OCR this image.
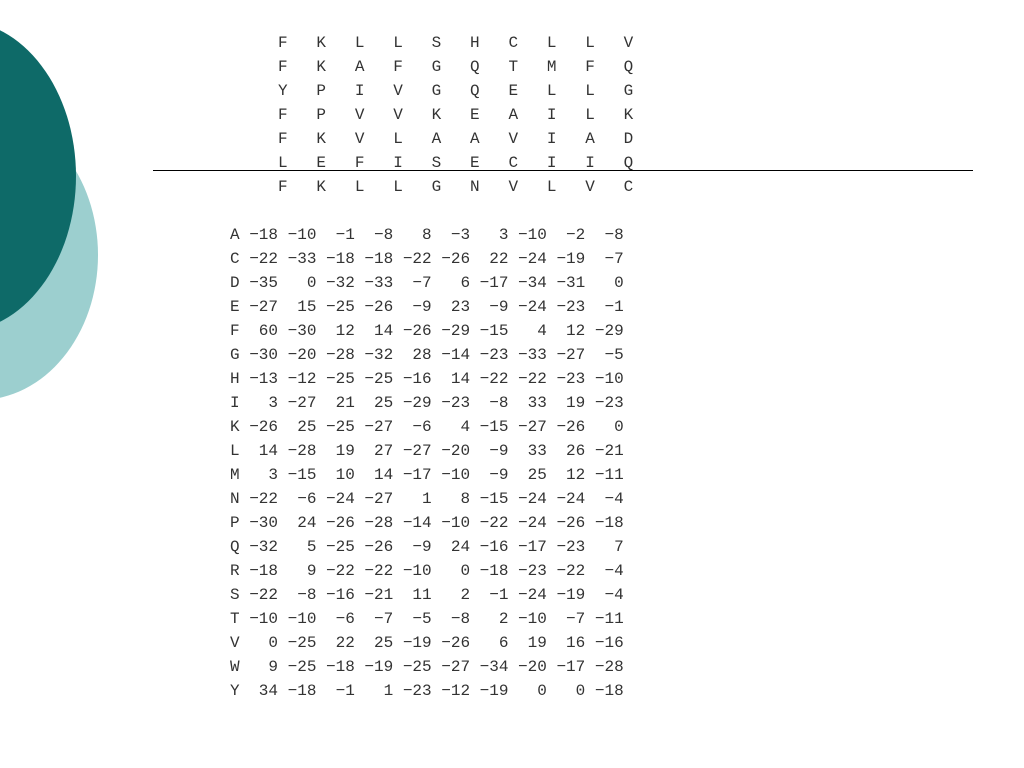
F   K   L   L   S   H   C   L   L   V
F   K   A   F   G   Q   T   M   F   Q
Y   P   I   V   G   Q   E   L   L   G
F   P   V   V   K   E   A   I   L   K
F   K   V   L   A   A   V   I   A   D
L   E   F   I   S   E   C   I   I   Q
F   K   L   L   G   N   V   L   V   C
A −18 −10  −1  −8   8  −3   3 −10  −2  −8
C −22 −33 −18 −18 −22 −26  22 −24 −19  −7
D −35   0 −32 −33  −7   6 −17 −34 −31   0
E −27  15 −25 −26  −9  23  −9 −24 −23  −1
F  60 −30  12  14 −26 −29 −15   4  12 −29
G −30 −20 −28 −32  28 −14 −23 −33 −27  −5
H −13 −12 −25 −25 −16  14 −22 −22 −23 −10
I   3 −27  21  25 −29 −23  −8  33  19 −23
K −26  25 −25 −27  −6   4 −15 −27 −26   0
L  14 −28  19  27 −27 −20  −9  33  26 −21
M   3 −15  10  14 −17 −10  −9  25  12 −11
N −22  −6 −24 −27   1   8 −15 −24 −24  −4
P −30  24 −26 −28 −14 −10 −22 −24 −26 −18
Q −32   5 −25 −26  −9  24 −16 −17 −23   7
R −18   9 −22 −22 −10   0 −18 −23 −22  −4
S −22  −8 −16 −21  11   2  −1 −24 −19  −4
T −10 −10  −6  −7  −5  −8   2 −10  −7 −11
V   0 −25  22  25 −19 −26   6  19  16 −16
W   9 −25 −18 −19 −25 −27 −34 −20 −17 −28
Y  34 −18  −1   1 −23 −12 −19   0   0 −18
